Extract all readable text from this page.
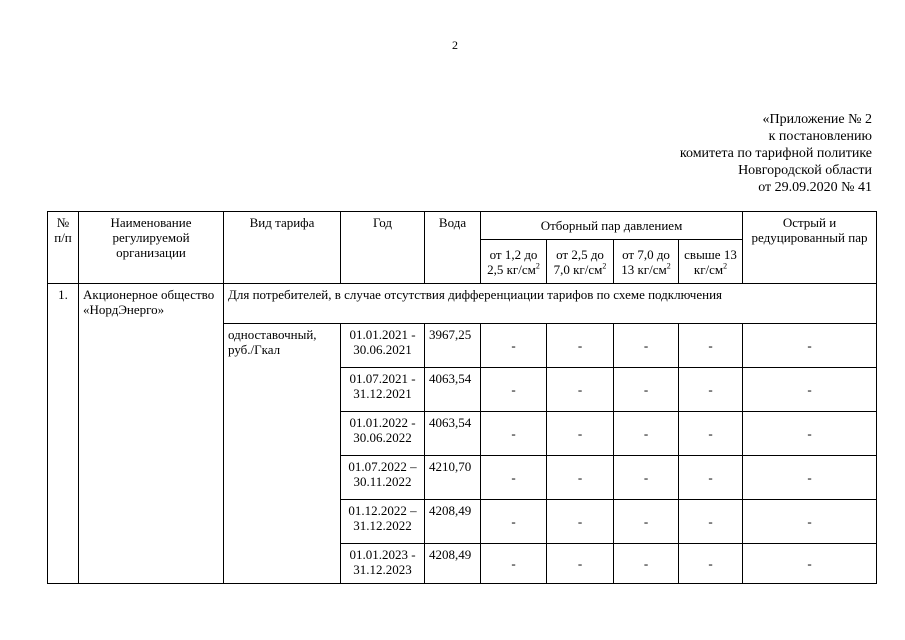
2
«Приложение № 2
к постановлению
комитета по тарифной политике
Новгородской области
от 29.09.2020 № 41
№ п/п	Наименование регулируемой организации	Вид тарифа	Год	Вода	Отборный пар давлением				Острый и редуцированный пар
					от 1,2 до 2,5 $кг/см^2$	от 2,5 до 7,0 $кг/см^2$	от 7,0 до 13 $кг/см^2$	свыше 13 $кг/см^2$
1.	Акционерное общество «НордЭнерго»	Для потребителей, в случае отсутствия дифференциации тарифов по схеме подключения							
		одноставочный, руб./Гкал	01.01.2021 - 30.06.2021	3967,25	-	-	-	-	-
			01.07.2021 - 31.12.2021	4063,54	-	-	-	-	-
			01.01.2022 - 30.06.2022	4063,54	-	-	-	-	-
			01.07.2022 – 30.11.2022	4210,70	-	-	-	-	-
			01.12.2022 – 31.12.2022	4208,49	-	-	-	-	-
			01.01.2023 - 31.12.2023	4208,49	-	-	-	-	-
